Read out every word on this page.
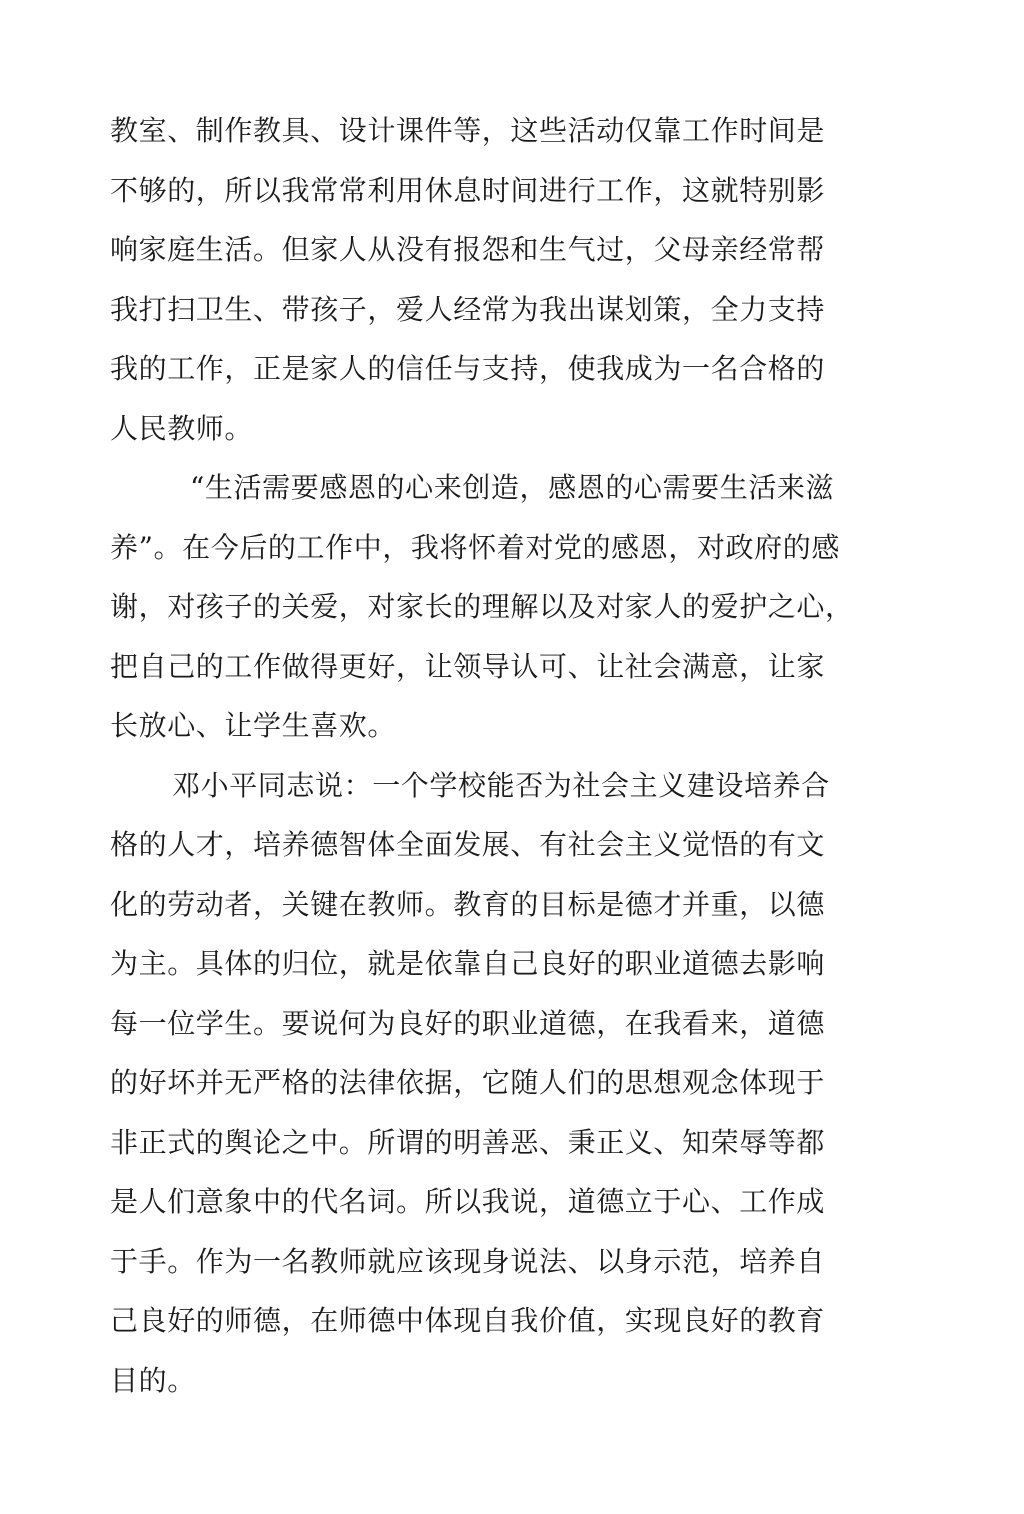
教室、制作教具、设计课件等，这些活动仅靠工作时间是
不够的，所以我常常利用休息时间进行工作，这就特别影
响家庭生活。但家人从没有报怨和生气过，父母亲经常帮
我打扫卫生、带孩子，爱人经常为我出谋划策，全力支持
我的工作，正是家人的信任与支持，使我成为一名合格的
人民教师。
“生活需要感恩的心来创造，感恩的心需要生活来滋
养”。在今后的工作中，我将怀着对党的感恩，对政府的感
谢，对孩子的关爱，对家长的理解以及对家人的爱护之心，
把自己的工作做得更好，让领导认可、让社会满意，让家
长放心、让学生喜欢。
邓小平同志说：一个学校能否为社会主义建设培养合
格的人才，培养德智体全面发展、有社会主义觉悟的有文
化的劳动者，关键在教师。教育的目标是德才并重，以德
为主。具体的归位，就是依靠自己良好的职业道德去影响
每一位学生。要说何为良好的职业道德，在我看来，道德
的好坏并无严格的法律依据，它随人们的思想观念体现于
非正式的舆论之中。所谓的明善恶、秉正义、知荣辱等都
是人们意象中的代名词。所以我说，道德立于心、工作成
于手。作为一名教师就应该现身说法、以身示范，培养自
己良好的师德，在师德中体现自我价值，实现良好的教育
目的。
